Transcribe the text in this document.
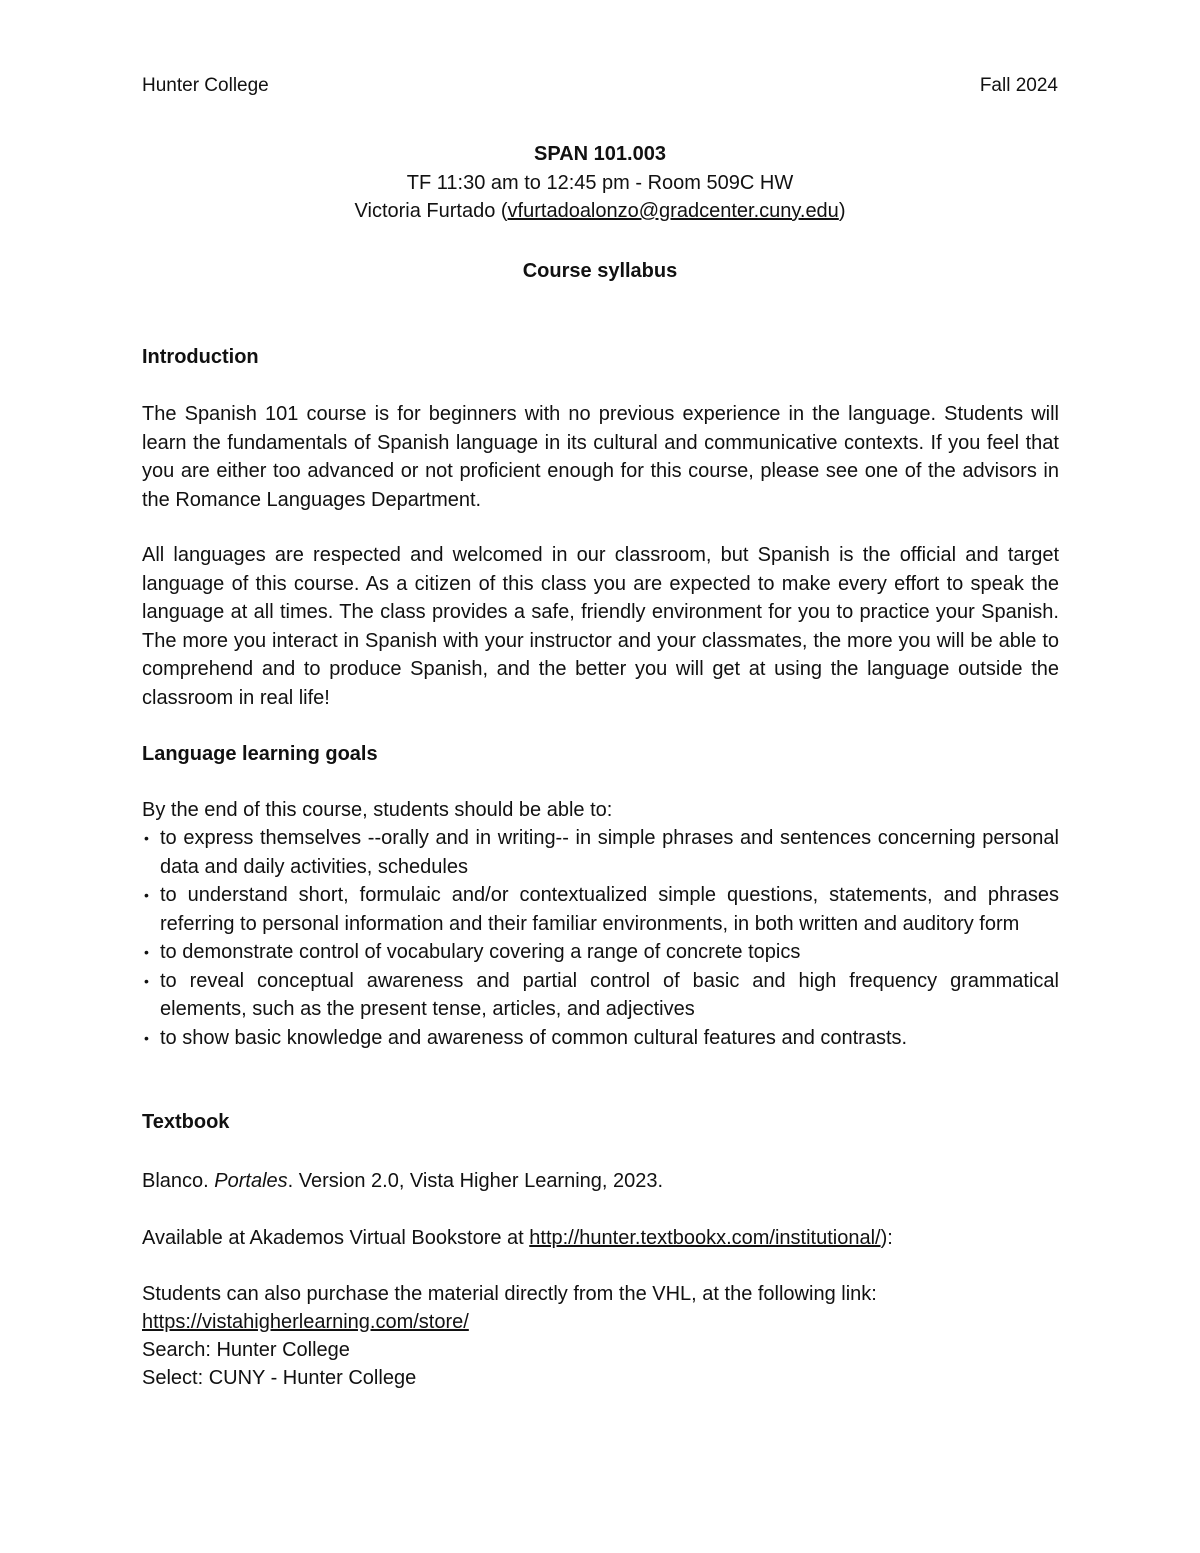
Hunter College	Fall 2024
SPAN 101.003
TF 11:30 am to 12:45 pm - Room 509C HW
Victoria Furtado (vfurtadoalonzo@gradcenter.cuny.edu)
Course syllabus
Introduction

The Spanish 101 course is for beginners with no previous experience in the language. Students will learn the fundamentals of Spanish language in its cultural and communicative contexts. If you feel that you are either too advanced or not proficient enough for this course, please see one of the advisors in the Romance Languages Department.

All languages are respected and welcomed in our classroom, but Spanish is the official and target language of this course. As a citizen of this class you are expected to make every effort to speak the language at all times. The class provides a safe, friendly environment for you to practice your Spanish. The more you interact in Spanish with your instructor and your classmates, the more you will be able to comprehend and to produce Spanish, and the better you will get at using the language outside the classroom in real life!

Language learning goals
By the end of this course, students should be able to:
• to express themselves --orally and in writing-- in simple phrases and sentences concerning personal data and daily activities, schedules
• to understand short, formulaic and/or contextualized simple questions, statements, and phrases referring to personal information and their familiar environments, in both written and auditory form
• to demonstrate control of vocabulary covering a range of concrete topics
• to reveal conceptual awareness and partial control of basic and high frequency grammatical elements, such as the present tense, articles, and adjectives
• to show basic knowledge and awareness of common cultural features and contrasts.
Textbook
Blanco. Portales. Version 2.0, Vista Higher Learning, 2023.
Available at Akademos Virtual Bookstore at http://hunter.textbookx.com/institutional/):
Students can also purchase the material directly from the VHL, at the following link:
https://vistahigherlearning.com/store/
Search: Hunter College
Select: CUNY - Hunter College
